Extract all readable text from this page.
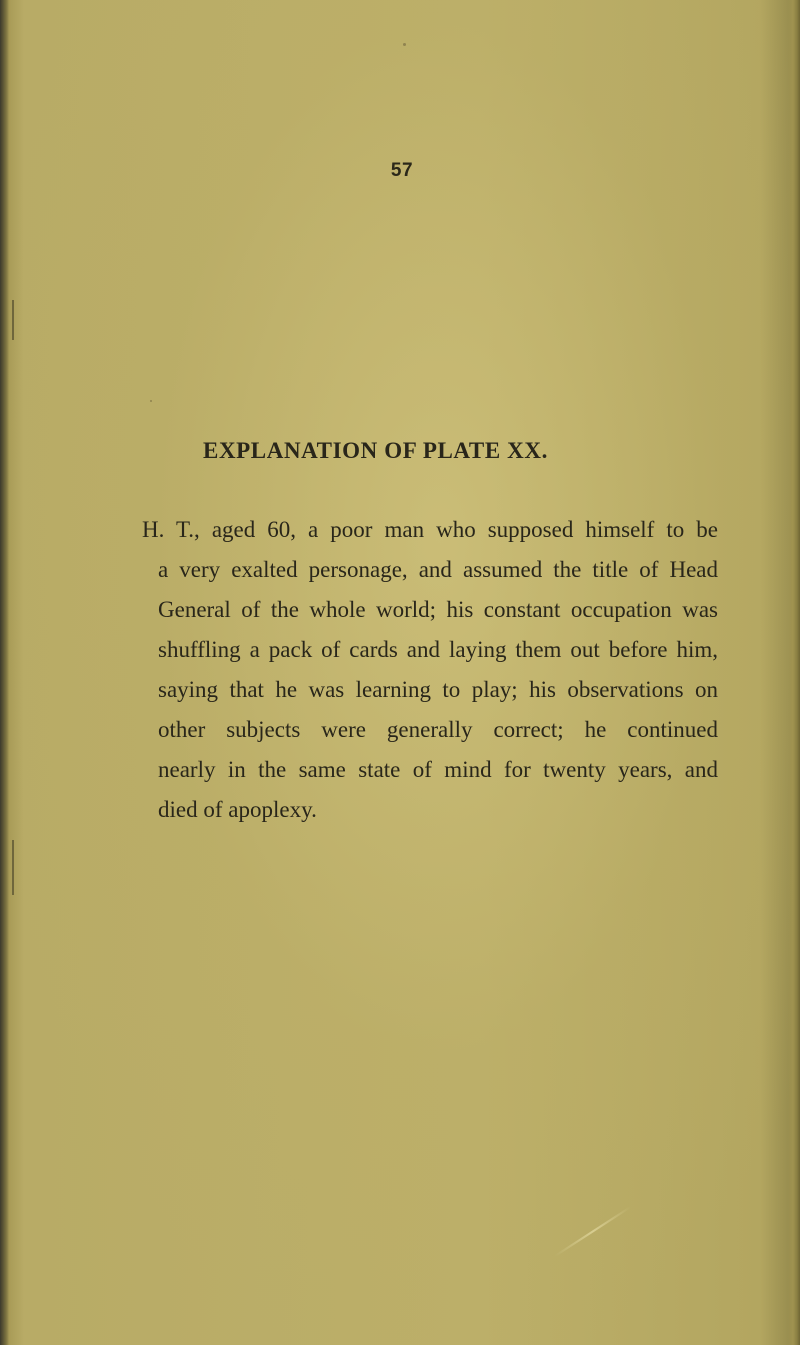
57
EXPLANATION OF PLATE XX.
H. T., aged 60, a poor man who supposed himself to be
a very exalted personage, and assumed the title of Head
General of the whole world; his constant occupation was
shuffling a pack of cards and laying them out before him,
saying that he was learning to play; his observations on
other subjects were generally correct; he continued
nearly in the same state of mind for twenty years, and
died of apoplexy.
